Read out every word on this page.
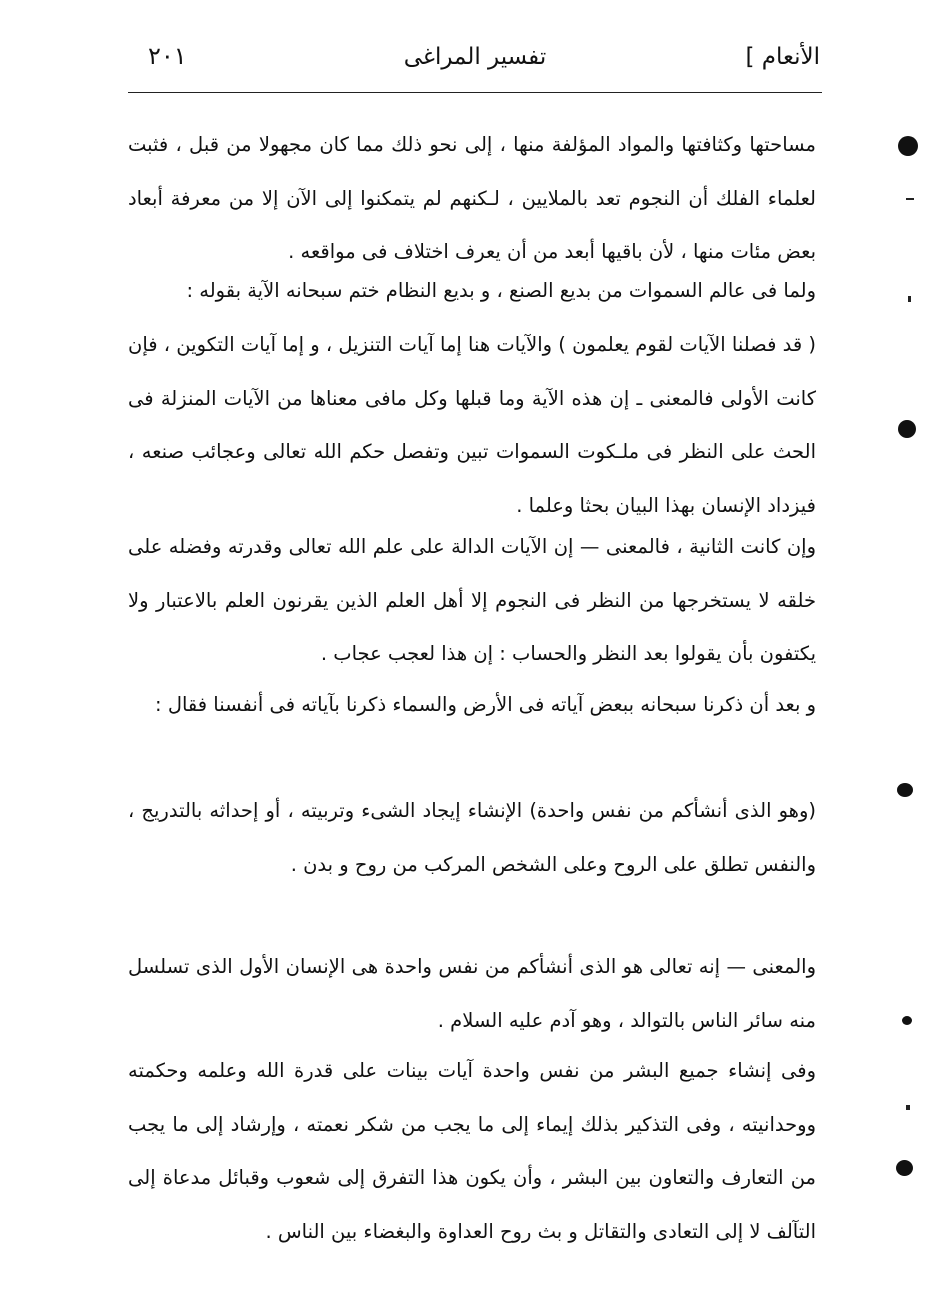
الأنعام ]
تفسير المراغى
٢٠١

مساحتها وكثافتها والمواد المؤلفة منها ، إلى نحو ذلك مما كان مجهولا من قبل ، فثبت لعلماء الفلك أن النجوم تعد بالملايين ، لـكنهم لم يتمكنوا إلى الآن إلا من معرفة أبعاد بعض مئات منها ، لأن باقيها أبعد من أن يعرف اختلاف فى مواقعه .

ولما فى عالم السموات من بديع الصنع ، و بديع النظام ختم سبحانه الآية بقوله :

( قد فصلنا الآيات لقوم يعلمون ) والآيات هنا إما آيات التنزيل ، و إما آيات التكوين ، فإن كانت الأولى فالمعنى ـ إن هذه الآية وما قبلها وكل مافى معناها من الآيات المنزلة فى الحث على النظر فى ملـكوت السموات تبين وتفصل حكم الله تعالى وعجائب صنعه ، فيزداد الإنسان بهذا البيان بحثا وعلما .

وإن كانت الثانية ، فالمعنى — إن الآيات الدالة على علم الله تعالى وقدرته وفضله على خلقه لا يستخرجها من النظر فى النجوم إلا أهل العلم الذين يقرنون العلم بالاعتبار ولا يكتفون بأن يقولوا بعد النظر والحساب : إن هذا لعجب عجاب .

و بعد أن ذكرنا سبحانه ببعض آياته فى الأرض والسماء ذكرنا بآياته فى أنفسنا فقال :

(وهو الذى أنشأكم من نفس واحدة) الإنشاء إيجاد الشىء وتربيته ، أو إحداثه بالتدريج ، والنفس تطلق على الروح وعلى الشخص المركب من روح و بدن .

والمعنى — إنه تعالى هو الذى أنشأكم من نفس واحدة هى الإنسان الأول الذى تسلسل منه سائر الناس بالتوالد ، وهو آدم عليه السلام .

وفى إنشاء جميع البشر من نفس واحدة آيات بينات على قدرة الله وعلمه وحكمته ووحدانيته ، وفى التذكير بذلك إيماء إلى ما يجب من شكر نعمته ، وإرشاد إلى ما يجب من التعارف والتعاون بين البشر ، وأن يكون هذا التفرق إلى شعوب وقبائل مدعاة إلى التآلف لا إلى التعادى والتقاتل و بث روح العداوة والبغضاء بين الناس .
